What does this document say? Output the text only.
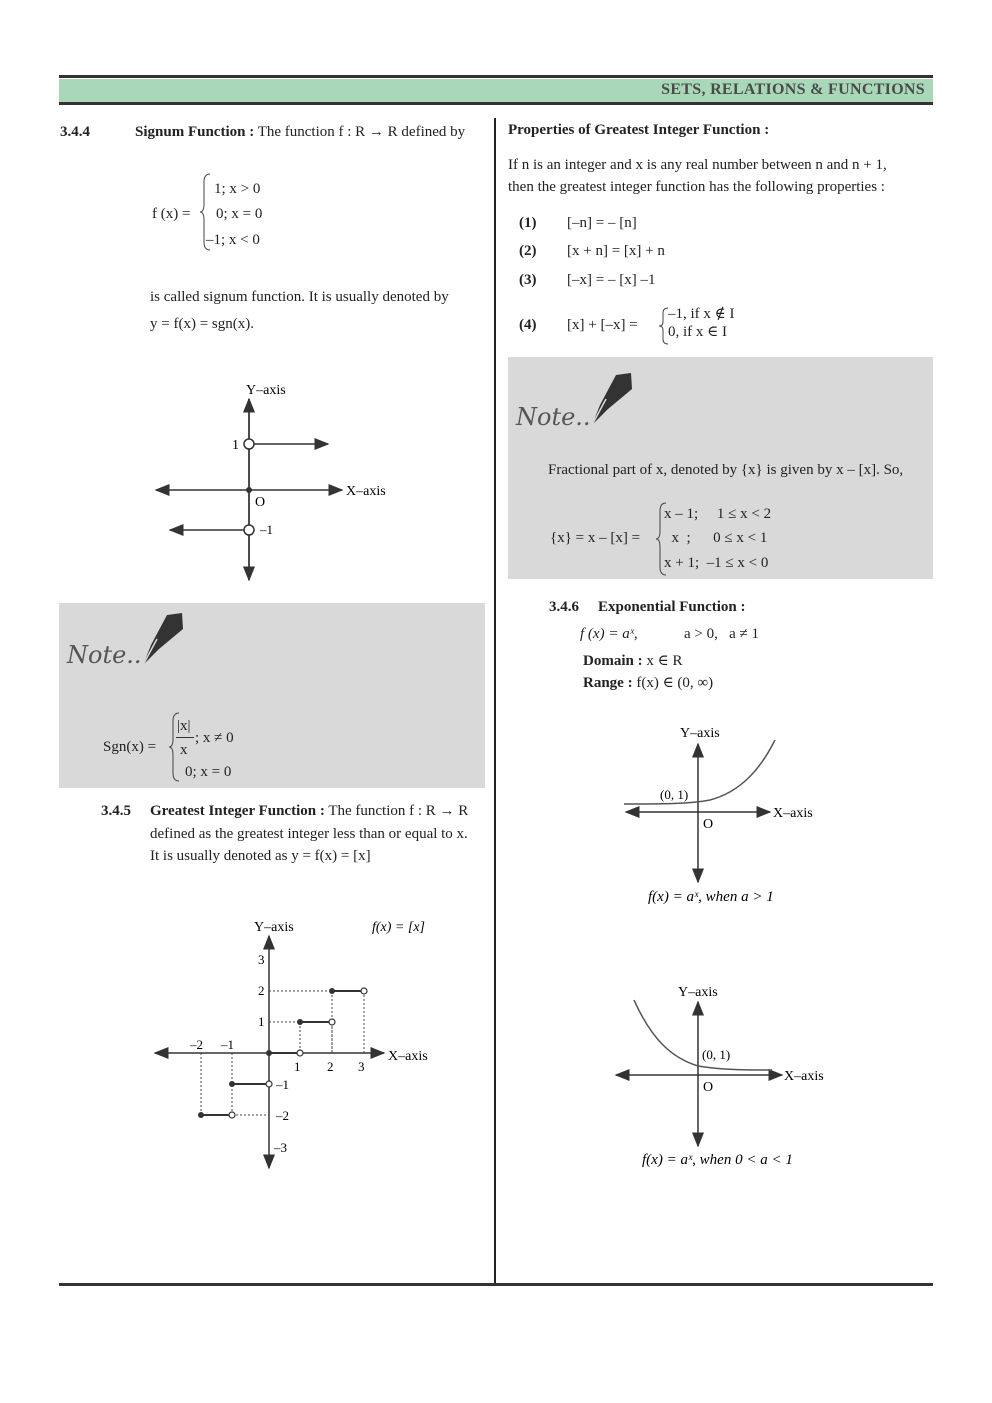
SETS, RELATIONS & FUNCTIONS
3.4.4	Signum Function : The function f : R → R defined by
f (x) =
1; x > 0
0; x = 0
–1; x < 0
is called signum function. It is usually denoted by
y = f(x) = sgn(x).
Y–axis
X–axis
1
O
–1
Note..
Sgn(x) =
|x|
x
; x ≠ 0
0; x = 0
3.4.5 Greatest Integer Function : The function f : R → R
defined as the greatest integer less than or equal to x.
It is usually denoted as y = f(x) = [x]
Y–axis	f(x) = [x]
X–axis
3
2
1
–1
–2
–3
1 2 3
–2 –1
Properties of Greatest Integer Function :
If n is an integer and x is any real number between n and n + 1,
then the greatest integer function has the following properties :
(1) [–n] = – [n]
(2) [x + n] = [x] + n
(3) [–x] = – [x] –1
(4) [x] + [–x] =
–1, if x ∉ I
0, if x ∈ I
Note..
Fractional part of x, denoted by {x} is given by x – [x]. So,
{x} = x – [x] =
x – 1;     1 ≤ x < 2
x  ;      0 ≤ x < 1
x + 1;  –1 ≤ x < 0
3.4.6 Exponential Function :
f (x) = aˣ,	a > 0,   a ≠ 1
Domain : x ∈ R
Range : f(x) ∈ (0, ∞)
Y–axis
X–axis
(0, 1)
O
f(x) = aˣ, when a > 1
Y–axis
X–axis
(0, 1)
O
f(x) = aˣ, when 0 < a < 1
